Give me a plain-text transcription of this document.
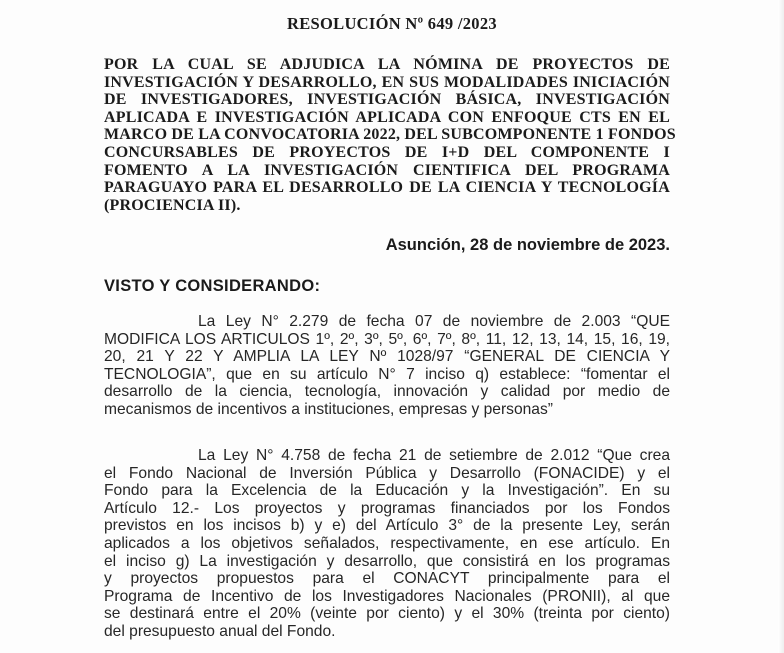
RESOLUCIÓN Nº 649 /2023
POR LA CUAL SE ADJUDICA LA NÓMINA DE PROYECTOS DE
INVESTIGACIÓN Y DESARROLLO, EN SUS MODALIDADES INICIACIÓN
DE INVESTIGADORES, INVESTIGACIÓN BÁSICA, INVESTIGACIÓN
APLICADA E INVESTIGACIÓN APLICADA CON ENFOQUE CTS EN EL
MARCO DE LA CONVOCATORIA 2022, DEL SUBCOMPONENTE 1 FONDOS
CONCURSABLES DE PROYECTOS DE I+D DEL COMPONENTE I
FOMENTO A LA INVESTIGACIÓN CIENTIFICA DEL PROGRAMA
PARAGUAYO PARA EL DESARROLLO DE LA CIENCIA Y TECNOLOGÍA
(PROCIENCIA II).
Asunción, 28 de noviembre de 2023.
VISTO Y CONSIDERANDO:
La Ley N° 2.279 de fecha 07 de noviembre de 2.003 “QUE
MODIFICA LOS ARTICULOS 1º, 2º, 3º, 5º, 6º, 7º, 8º, 11, 12, 13, 14, 15, 16, 19,
20, 21 Y 22 Y AMPLIA LA LEY Nº 1028/97 “GENERAL DE CIENCIA Y
TECNOLOGIA”, que en su artículo N° 7 inciso q) establece: “fomentar el
desarrollo de la ciencia, tecnología, innovación y calidad por medio de
mecanismos de incentivos a instituciones, empresas y personas”
La Ley N° 4.758 de fecha 21 de setiembre de 2.012 “Que crea
el Fondo Nacional de Inversión Pública y Desarrollo (FONACIDE) y el
Fondo para la Excelencia de la Educación y la Investigación”. En su
Artículo 12.- Los proyectos y programas financiados por los Fondos
previstos en los incisos b) y e) del Artículo 3° de la presente Ley, serán
aplicados a los objetivos señalados, respectivamente, en ese artículo. En
el inciso g) La investigación y desarrollo, que consistirá en los programas
y proyectos propuestos para el CONACYT principalmente para el
Programa de Incentivo de los Investigadores Nacionales (PRONII), al que
se destinará entre el 20% (veinte por ciento) y el 30% (treinta por ciento)
del presupuesto anual del Fondo.
